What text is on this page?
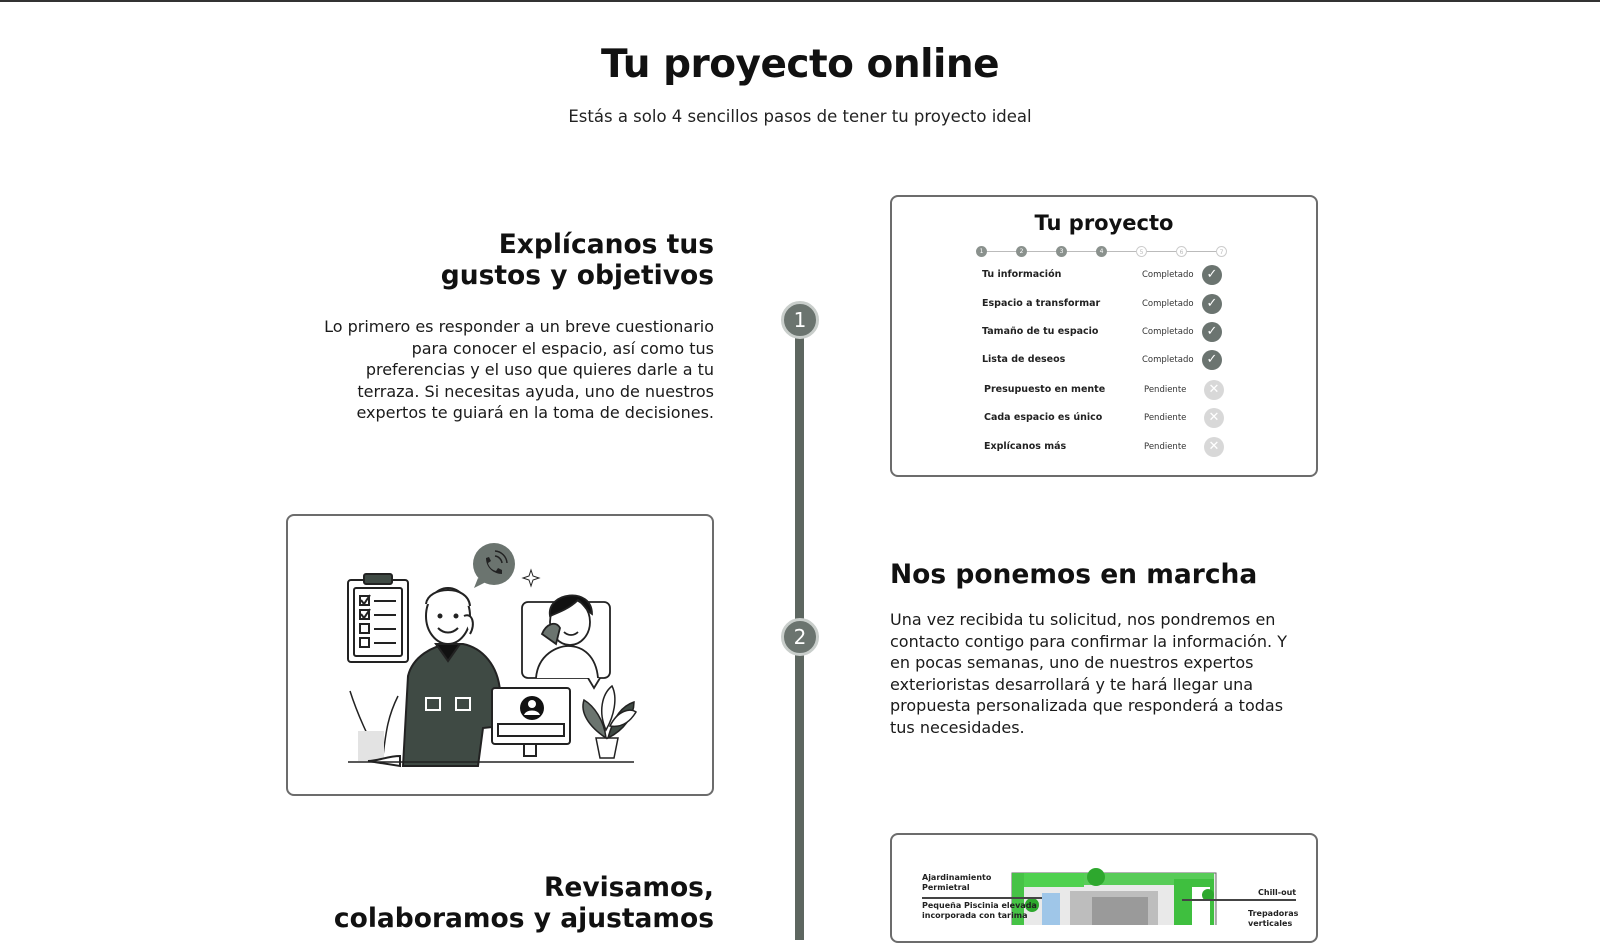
Tu proyecto online

Estás a solo 4 sencillos pasos de tener tu proyecto ideal

1
2
Explícanos tus
gustos y objetivos

Lo primero es responder a un breve cuestionario
para conocer el espacio, así como tus
preferencias y el uso que quieres darle a tu
terraza. Si necesitas ayuda, uno de nuestros
expertos te guiará en la toma de decisiones.

Tu proyecto
1	2	3	4	5	6	7
Tu información	Completado	✓
Espacio a transformar	Completado	✓
Tamaño de tu espacio	Completado	✓
Lista de deseos	Completado	✓
Presupuesto en mente	Pendiente	✕
Cada espacio es único	Pendiente	✕
Explícanos más	Pendiente	✕
Nos ponemos en marcha

Una vez recibida tu solicitud, nos pondremos en
contacto contigo para confirmar la información. Y
en pocas semanas, uno de nuestros expertos
exterioristas desarrollará y te hará llegar una
propuesta personalizada que responderá a todas
tus necesidades.

Revisamos,
colaboramos y ajustamos
Ajardinamiento
Permietral
Pequeña Piscinia elevada
incorporada con tarima
Chill-out
Trepadoras
verticales
